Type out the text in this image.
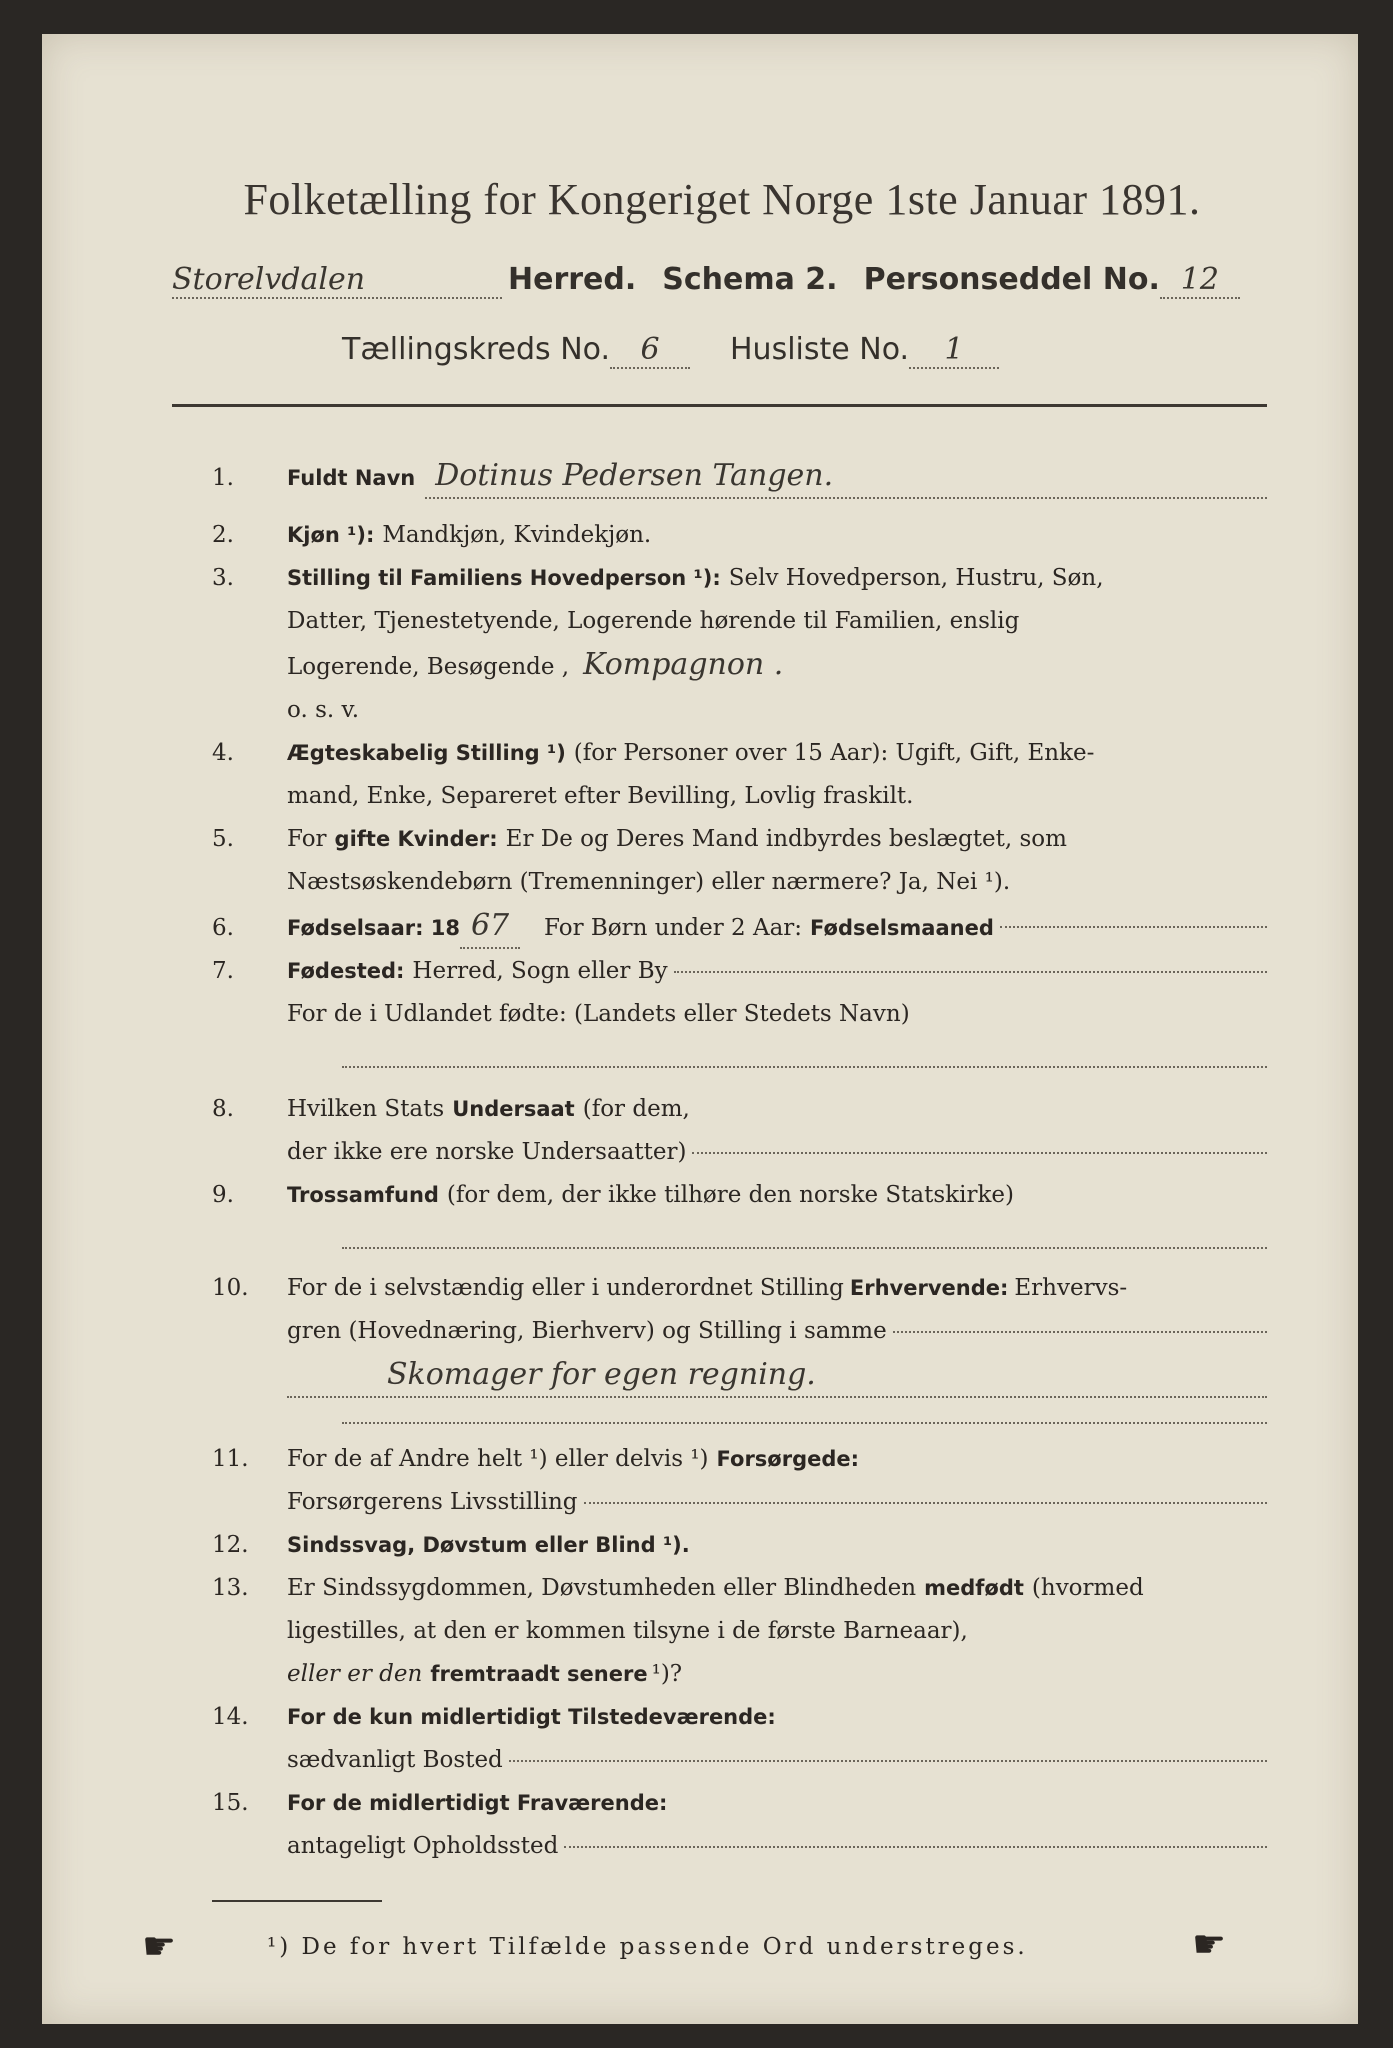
Folketælling for Kongeriget Norge 1ste Januar 1891.
Storelvdalen	Herred. Schema 2. Personseddel No. 12
Tællingskreds No.	6	Husliste No.	1
1.	Fuldt Navn Dotinus Pedersen Tangen.
2.	Kjøn ¹): Mandkjøn, Kvindekjøn.
3.	Stilling til Familiens Hovedperson ¹): Selv Hovedperson, Hustru, Søn,
Datter, Tjenestetyende, Logerende hørende til Familien, enslig
Logerende, Besøgende , Kompagnon .
o. s. v.
4.	Ægteskabelig Stilling ¹) (for Personer over 15 Aar): Ugift, Gift, Enke-
mand, Enke, Separeret efter Bevilling, Lovlig fraskilt.
5.	For gifte Kvinder: Er De og Deres Mand indbyrdes beslægtet, som
Næstsøskendebørn (Tremenninger) eller nærmere? Ja, Nei ¹).
6.	Fødselsaar: 18 67	For Børn under 2 Aar: Fødselsmaaned
7.	Fødested: Herred, Sogn eller By
For de i Udlandet fødte: (Landets eller Stedets Navn)
8.	Hvilken Stats Undersaat (for dem,
der ikke ere norske Undersaatter)
9.	Trossamfund (for dem, der ikke tilhøre den norske Statskirke)
10.	For de i selvstændig eller i underordnet Stilling Erhvervende: Erhvervs-
gren (Hovednæring, Bierhverv) og Stilling i samme
Skomager for egen regning.
11.	For de af Andre helt ¹) eller delvis ¹) Forsørgede:
Forsørgerens Livsstilling
12.	Sindssvag, Døvstum eller Blind ¹).
13.	Er Sindssygdommen, Døvstumheden eller Blindheden medfødt (hvormed
ligestilles, at den er kommen tilsyne i de første Barneaar),
eller er den fremtraadt senere ¹)?
14.	For de kun midlertidigt Tilstedeværende:
sædvanligt Bosted
15.	For de midlertidigt Fraværende:
antageligt Opholdssted
¹) De for hvert Tilfælde passende Ord understreges.
☛	☛
